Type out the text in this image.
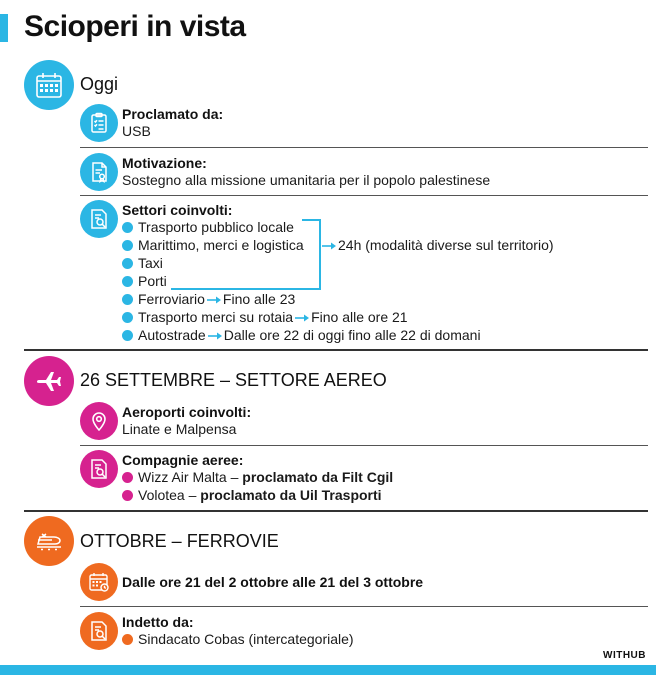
Scioperi in vista
Oggi
Proclamato da:
USB
Motivazione:
Sostegno alla missione umanitaria per il popolo palestinese
Settori coinvolti:
Trasporto pubblico locale
Marittimo, merci e logistica
Taxi
Porti
24h (modalità diverse sul territorio)
Ferroviario Fino alle 23
Trasporto merci su rotaia Fino alle ore 21
Autostrade Dalle ore 22 di oggi fino alle 22 di domani
26 SETTEMBRE – SETTORE AEREO
Aeroporti coinvolti:
Linate e Malpensa
Compagnie aeree:
Wizz Air Malta – proclamato da Filt Cgil
Volotea – proclamato da Uil Trasporti
OTTOBRE – FERROVIE
Dalle ore 21 del 2 ottobre alle 21 del 3 ottobre
Indetto da:
Sindacato Cobas (intercategoriale)
WITHUB
